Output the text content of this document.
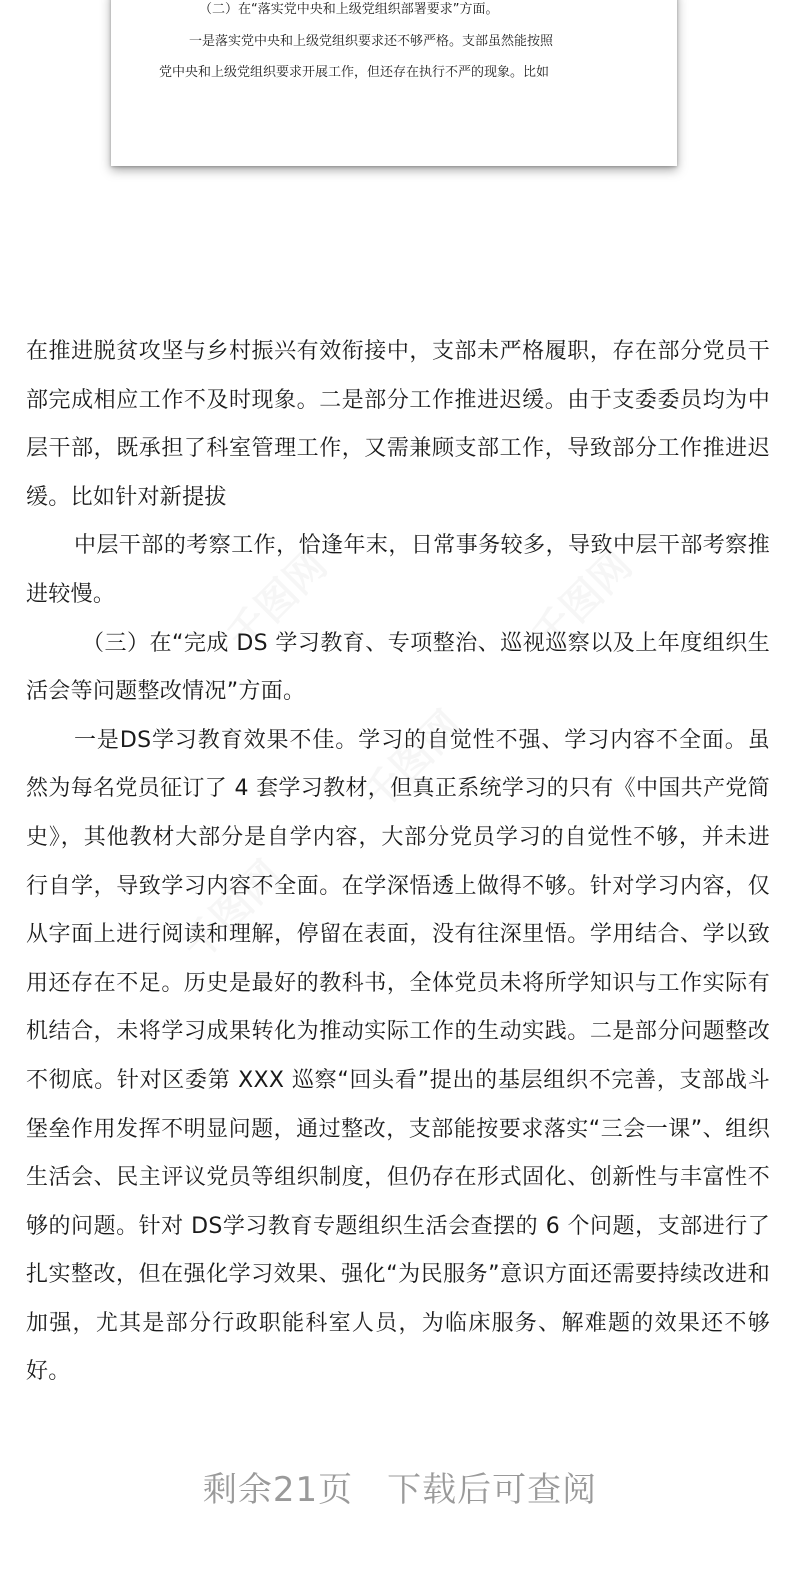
（二）在“落实党中央和上级党组织部署要求”方面。
一是落实党中央和上级党组织要求还不够严格。支部虽然能按照
党中央和上级党组织要求开展工作，但还存在执行不严的现象。比如
千图网	千图网
千图网
千图网

在推进脱贫攻坚与乡村振兴有效衔接中，支部未严格履职，存在部分党员干部完成相应工作不及时现象。二是部分工作推进迟缓。由于支委委员均为中层干部，既承担了科室管理工作，又需兼顾支部工作，导致部分工作推进迟缓。比如针对新提拔

中层干部的考察工作，恰逢年末，日常事务较多，导致中层干部考察推进较慢。

（三）在“完成 DS 学习教育、专项整治、巡视巡察以及上年度组织生活会等问题整改情况”方面。

一是DS学习教育效果不佳。学习的自觉性不强、学习内容不全面。虽然为每名党员征订了 4 套学习教材，但真正系统学习的只有《中国共产党简史》，其他教材大部分是自学内容，大部分党员学习的自觉性不够，并未进行自学，导致学习内容不全面。在学深悟透上做得不够。针对学习内容，仅从字面上进行阅读和理解，停留在表面，没有往深里悟。学用结合、学以致用还存在不足。历史是最好的教科书，全体党员未将所学知识与工作实际有机结合，未将学习成果转化为推动实际工作的生动实践。二是部分问题整改不彻底。针对区委第 XXX 巡察“回头看”提出的基层组织不完善，支部战斗堡垒作用发挥不明显问题，通过整改，支部能按要求落实“三会一课”、组织生活会、民主评议党员等组织制度，但仍存在形式固化、创新性与丰富性不够的问题。针对 DS学习教育专题组织生活会查摆的 6 个问题，支部进行了扎实整改，但在强化学习效果、强化“为民服务”意识方面还需要持续改进和加强，尤其是部分行政职能科室人员，为临床服务、解难题的效果还不够好。

剩余21页 下载后可查阅
